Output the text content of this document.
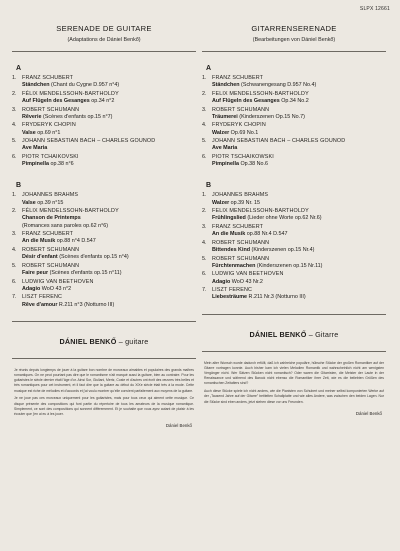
SLPX 12661
SERENADE DE GUITARE
(Adaptations de Dániel Benkő)
A
1.	FRANZ SCHUBERT
Ständchen (Chant du Cygne D.957 n°4)
2.	FÉLIX MENDELSSOHN-BARTHOLDY
Auf Flügeln des Gesanges op.34 n°2
3.	ROBERT SCHUMANN
Rêverie (Scènes d'enfants op.15 n°7)
4.	FRYDERYK CHOPIN
Valse op.69 n°1
5.	JOHANN SEBASTIAN BACH – CHARLES GOUNOD
Ave Maria
6.	PIOTR TCHAIKOVSKI
Pimpinella op.38 n°6
B
1.	JOHANNES BRAHMS
Valse op.39 n°15
2.	FÉLIX MENDELSSOHN-BARTHOLDY
Chanson de Printemps
(Romances sans paroles op.62 n°6)
3.	FRANZ SCHUBERT
An die Musik op.88 n°4 D.547
4.	ROBERT SCHUMANN
Désir d'enfant (Scènes d'enfants op.15 n°4)
5.	ROBERT SCHUMANN
Faire peur (Scènes d'enfants op.15 n°11)
6.	LUDWIG VAN BEETHOVEN
Adagio WoO 43 n°2
7.	LISZT FERENC
Rêve d'amour R.211 n°3 (Notturno III)
DÁNIEL BENKŐ – guitare

Je réunis depuis longtemps de jouer à la guitare bon nombre de morceaux aimables et populaires des grands maîtres romantiques. On ne peut pourtant pas dire que le romantisme n'ait marqué aussi la guitare, bien au contraire. Pour les guitaristes le siècle dernier était l'âge d'or. Ainsi Sor, Giuliani, Mertz, Coste et d'autres ont écrit des œuvres très belles et très romantiques pour cet instrument, et il faut dire que la guitare au début du XIXe siècle était très à la mode. Cette musique est riche de mélodies et d'accords et j'ai voulu montrer qu'elle convient parfaitement aux moyens de la guitare.

Je ne joue pas ces morceaux uniquement pour les guitaristes, mais pour tous ceux qui aiment cette musique. Ce disque présente des compositions qui font partie du répertoire de tous les amateurs de la musique romantique. Simplement, ce sont des compositions qui sonnent différemment. Et je souhaite que vous ayez autant de plaisir à les écouter que j'en ai eu à les jouer.

Dániel Benkő
GITARRENSERENADE
(Bearbeitungen von Dániel Benkő)
A
1.	FRANZ SCHUBERT
Ständchen (Schwanengesang D.957 No.4)
2.	FELIX MENDELSSOHN-BARTHOLDY
Auf Flügeln des Gesanges Op.34 No.2
3.	ROBERT SCHUMANN
Träumerei (Kinderszenen Op.15 No.7)
4.	FRYDERYK CHOPIN
Walzer Op.69 No.1
5.	JOHANN SEBASTIAN BACH – CHARLES GOUNOD
Ave Maria
6.	PIOTR TSCHAIKOWSKI
Pimpinella Op.38 No.6
B
1.	JOHANNES BRAHMS
Walzer op.39 Nr. 15
2.	FELIX MENDELSSOHN-BARTHOLDY
Frühlingslied (Lieder ohne Worte op.62 Nr.6)
3.	FRANZ SCHUBERT
An die Musik op.88 Nr.4 D.547
4.	ROBERT SCHUMANN
Bittendes Kind (Kinderszenen op.15 Nr.4)
5.	ROBERT SCHUMANN
Fürchtenmachen (Kinderszenen op.15 Nr.11)
6.	LUDWIG VAN BEETHOVEN
Adagio WoO 43 Nr.2
7.	LISZT FERENC
Liebesträume R.211 Nr.3 (Notturno III)
DÁNIEL BENKŐ – Gitarre

Mein alter Wunsch wurde dadurch erfüllt, daß ich zahlreiche populäre, hübsche Stücke der großen Romantiker auf der Gitarre vortragen konnte. Auch bisher kam ich vielen Melodien Romantik und wahrscheinlich nicht am wenigsten Vergänger nicht. Wer Sätzen Stücken nicht romantisch? Oder waren die Gitarristen, die Meister der Laute in der Renaissance und während des Barock nicht ebenso die Romantiker ihrer Zeit, wie es die beliebten Größen des romantischen Zeitalters sind?

Auch diese Stücke spiele ich nicht anders, wie die Pianisten von Schubert und meiner selbst komponierten Werke auf der „Tausend Jahre auf der Gitarre" betitelten Schallplatte und wie alles Andere, was zwischen den beiden Lagen. Nur die Stücke sind eben anders, jetzt stehen diese vor uns Freunden.

Dániel Benkő
